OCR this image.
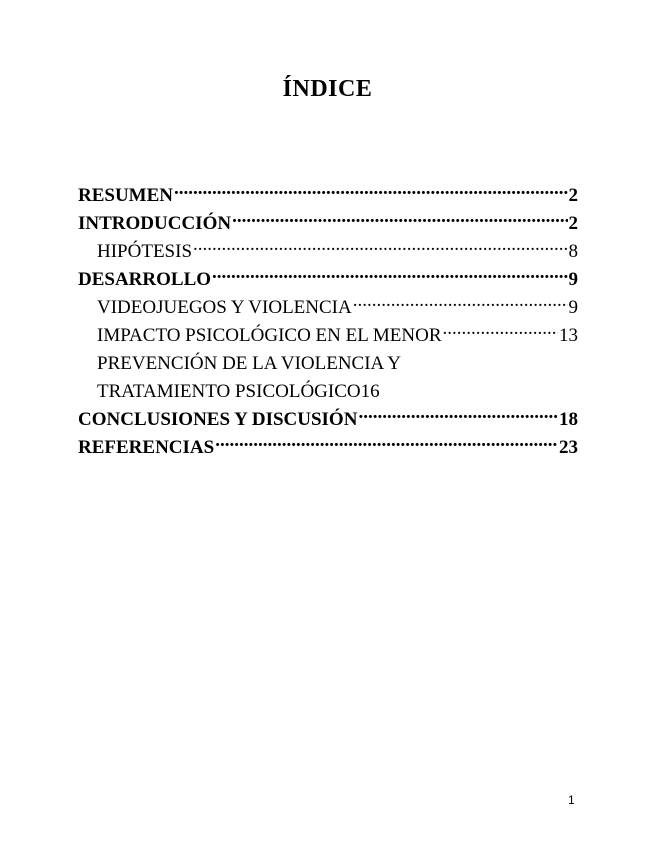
ÍNDICE
RESUMEN .....	2
INTRODUCCIÓN .....	2
HIPÓTESIS .....	8
DESARROLLO .....	9
VIDEOJUEGOS Y VIOLENCIA .....	9
IMPACTO PSICOLÓGICO EN EL MENOR .....	13
PREVENCIÓN DE LA VIOLENCIA Y
TRATAMIENTO PSICOLÓGICO 16
CONCLUSIONES Y DISCUSIÓN .....	18
REFERENCIAS .....	23
1
